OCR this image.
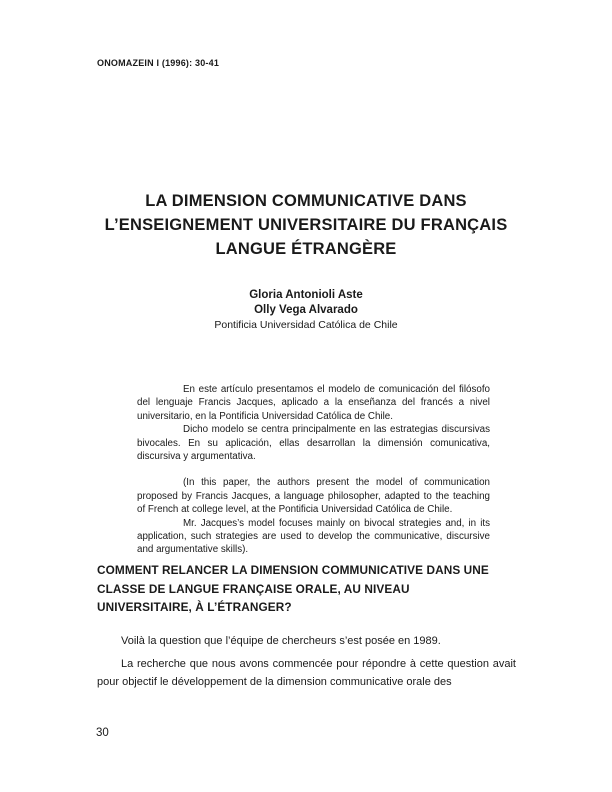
ONOMAZEIN I (1996): 30-41
LA DIMENSION COMMUNICATIVE DANS
L’ENSEIGNEMENT UNIVERSITAIRE DU FRANÇAIS
LANGUE ÉTRANGÈRE
Gloria Antonioli Aste
Olly Vega Alvarado
Pontificia Universidad Católica de Chile

En este artículo presentamos el modelo de comunicación del filósofo del lenguaje Francis Jacques, aplicado a la enseñanza del francés a nivel universitario, en la Pontificia Universidad Católica de Chile.

Dicho modelo se centra principalmente en las estrategias discursivas bivocales. En su aplicación, ellas desarrollan la dimensión comunicativa, discursiva y argumentativa.

(In this paper, the authors present the model of communication proposed by Francis Jacques, a language philosopher, adapted to the teaching of French at college level, at the Pontificia Universidad Católica de Chile.

Mr. Jacques’s model focuses mainly on bivocal strategies and, in its application, such strategies are used to develop the communicative, discursive and argumentative skills).

COMMENT RELANCER LA DIMENSION COMMUNICATIVE DANS UNE
CLASSE DE LANGUE FRANÇAISE ORALE, AU NIVEAU
UNIVERSITAIRE, À L’ÉTRANGER?

Voilà la question que l’équipe de chercheurs s’est posée en 1989.

La recherche que nous avons commencée pour répondre à cette question avait pour objectif le développement de la dimension communicative orale des

30
